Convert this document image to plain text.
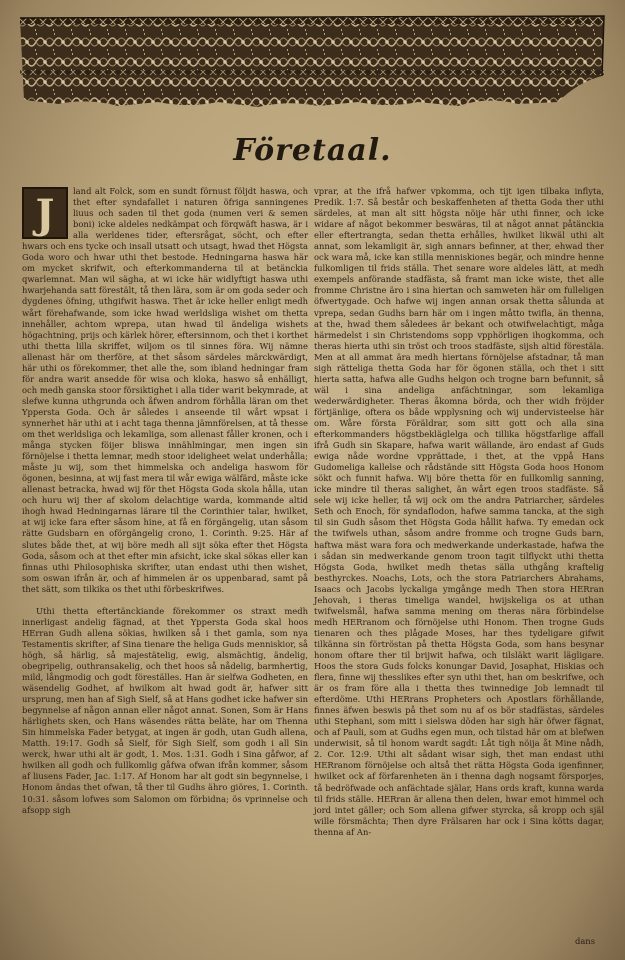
Företaal.

J	land alt Folck, som en sundt förnust följdt haswa, och thet efter syndafallet i naturen öfriga sanningenes liuus och saden til thet goda (numen veri & semen boni) icke aldeles nedkämpat och förqwäft haswa, är i alla werldenes tider, eftersrågat, söcht, och efter hwars och ens tycke och insall utsatt och utsagt, hwad thet Högsta Goda woro och hwar uthi thet bestode. Hedningarna haswa här om mycket skrifwit, och efterkommanderna til at betänckia qwarlemnat. Man wil sägha, at wi icke här widlyftigt haswa uthi hwarjehanda satt förestält, tå then lära, som är om goda seder och dygdenes öfning, uthgifwit haswa. Thet är icke heller enligt medh wårt förehafwande, som icke hwad werldsliga wishet om thetta innehåller, achtom wprepa, utan hwad til ändeliga wishets högachtning, prijs och kärlek hörer, eftersinnom, och thet i korthet uthi thetta lilla skriffet, wiljom os til sinnes föra. Wij nämne allenast här om therföre, at thet såsom särdeles märckwärdigt, här uthi os förekommer, thet alle the, som ibland hedningar fram för andra warit ansedde för wisa och kloka, haswo så enhälligt, och medh ganska stoor försiktighet i alla tider warit bekymrade, at slefwe kunna uthgrunda och åfwen androm förhålla läran om thet Ypperstа Goda. Och är således i anseende til wårt wpsat i synnerhet här uthi at i acht taga thenna jämnförelsen, at tå thesse om thet werldsliga och lekamliga, som allenast fåller kronen, och i många stycken föijer bliswa innählmingar, men ingen sin förnöjelse i thetta lemnar, medh stoor ideligheet welat underhålla; måste ju wij, som thet himmelska och andeliga haswom för ögonen, besinna, at wij fast mera til wår ewiga wälfärd, måste icke allenast betracka, hwad wij för thet Högsta Goda skola hålla, utan och huru wij ther af skolom delachtige warda, kommande altid ihogh hwad Hedningarnas lärare til the Corinthier talar, hwilket, at wij icke fara efter såsom hine, at få en förgängelig, utan såsom rätte Gudsbarn en oförgängelig crono, 1. Corinth. 9:25. Här af slutes både thet, at wij böre medh all sijt söka efter thet Högsta Goda, såsom och at thet efter min afsicht, icke skal sökas eller kan finnas uthi Philosophiska skrifter, utan endast uthi then wishet, som oswan ifrån är, och af himmelen är os uppenbarad, samt på thet sätt, som tilkika os thet uthi förbeskrifwes.

Uthi thetta eftertänckiande förekommer os straxt medh innerligast andelig fägnad, at thet Ypperstа Goda skal hoos HErran Gudh allena sökias, hwilken så i thet gamla, som nya Testamentis skrifter, af Sina tienare the heliga Guds menniskior, så högh, så härlig, så majestätelig, ewig, alsmächtig, ändelig, obegripelig, outhransakelig, och thet hoos så nådelig, barmhertig, mild, långmodig och godt föreställes. Han är sielfwa Godheten, en wäsendelig Godhet, af hwilkom alt hwad godt är, hafwer sitt ursprung, men han af Sigh Sielf, så at Hans godhet icke hafwer sin begynnelse af någon annan eller något annat. Sonen, Som är Hans härlighets sken, och Hans wäsendes rätta beläte, har om Thenna Sin himmelska Fader betygat, at ingen är godh, utan Gudh allena, Matth. 19:17. Godh så Sielf, för Sigh Sielf, som godh i all Sin werck, hwar uthi alt är godt, 1. Mos. 1:31. Godh i Sina gåfwor, af hwilken all godh och fullkomlig gåfwa ofwan ifrån kommer, såsom af liusens Fader, Jac. 1:17. Af Honom har alt godt sin begynnelse, i Honom ändas thet ofwan, tå ther til Gudhs ähro giöres, 1. Corinth. 10:31. såsom lofwes som Salomon om förbidna; ös vprinnelse och afsopp sigh

vprar, at the ifrå hafwer vpkomma, och tijt igen tilbaka inflyta, Predik. 1:7. Så består och beskaffenheten af thetta Goda ther uthi särdeles, at man alt sitt högsta nöije här uthi finner, och icke widare af något bekommer beswäras, til at något annat påtänckia eller eftertrangta, sedan thetta erhålles, hwilket likwäl uthi alt annat, som lekamligit är, sigh annars befinner, at ther, ehwad ther ock wara må, icke kan stilla menniskiones begär, och mindre henne fulkomligen til frids ställa. Thet senare wore aldeles lätt, at medh exempels anförande stadfästa, så framt man icke wiste, thet alle fromme Christne äro i sina hiertan och samweten här om fulleligen öfwertygade. Och hafwe wij ingen annan orsak thetta sålunda at vprepa, sedan Gudhs barn här om i ingen måtto twifla, än thenna, at the, hwad them såledees är bekant och otwifwelachtigt, måga härmedelst i sin Christendoms sopp vpphörligen ihogkomma, och theras hierta uthi sin tröst och troos stadfäste, sijsh altid förestäla. Men at all ammat ära medh hiertans förnöjelse afstadnar, tå man sigh rätteliga thetta Goda har för ögonen ställa, och thet i sitt hierta satta, hafwa alle Gudhs helgon och trogne barn befunnit, så wäl i sina andeliga anfächtningar, som lekamliga wederwärdigheter. Theras åkomna börda, och ther widh fröjder förtjänlige, oftera os både wpplysning och wij undervisteelse här om. Wåre första Föräldrar, som sitt gott och alla sina efterkommanders högstbekläglelga och tillika högstfarlige affall ifrå Gudh sin Skapare, hafwa warit wällande, äro endast af Guds ewiga nåde wordne vpprättade, i thet, at the vppå Hans Gudomeliga kallelse och rådstände sitt Högsta Goda hoos Honom sökt och funnit hafwa. Wij böre thetta för en fullkomlig sanning, icke mindre til theras salighet, än wårt egen troos stadfäste. Så sele wij icke heller, tå wij ock om the andra Patriarcher, särdeles Seth och Enoch, för syndaflodon, hafwe samma tancka, at the sigh til sin Gudh såsom thet Högsta Goda hållit hafwa. Ty emedan ock the twifwels uthan, såsom andre fromme och trogne Guds barn, haftwa mäst wara fora och medwerkande underkastade, hafwa the i sådan sin medwerkande genom troon tagit tilflyckt uthi thetta Högsta Goda, hwilket medh thetas sälla uthgång kraftelig besthyrckes. Noachs, Lots, och the stora Patriarchers Abrahams, Isaacs och Jacobs lyckaliga ymgånge medh Then stora HERran Jehovah, i theras timeliga wandel, hwijskeliga os at uthan twifwelsmål, hafwa samma mening om theras nära förbindelse medh HERranom och förnöjelse uthi Honom. Then trogne Guds tienaren och thes plågade Moses, har thes tydeligare gifwit tilkänna sin förtröstan på thetta Högsta Goda, som hans besynar honom oftare ther til brijwit hafwa, och tilsläkt warit lägligare. Hoos the stora Guds folcks konungar David, Josaphat, Hiskias och flera, finne wij thesslikes efter syn uthi thet, han om beskrifwe, och är os fram före alla i thetta thes twinnedige Job lemnadt til efterdöme. Uthi HERrans Propheters och Apostlars förhållande, finnes äfwen beswis på thet som nu af os bör stadfästas, särdeles uthi Stephani, som mitt i sielswa döden har sigh här öfwer fägnat, och af Pauli, som at Gudhs egen mun, och tilstad här om at blefwen underwisit, så til honom wardt sagdt: Låt tigh nöija åt Mine nådh, 2. Cor. 12:9. Uthi alt sådant wisar sigh, thet man endast uthi HERranom förnöjelse och altså thet rätta Högsta Goda igenfinner, hwilket ock af förfarenheten än i thenna dagh nogsamt försporjes, tå bedröfwade och anfächtade själar, Hans ords kraft, kunna warda til frids ställe. HERran är allena then delen, hwar emot himmel och jord intet gäller; och Som allena gifwer styrcka, så kropp och själ wille försmächta; Then dyre Frälsaren har ock i Sina kötts dagar, thenna af An-

dans
